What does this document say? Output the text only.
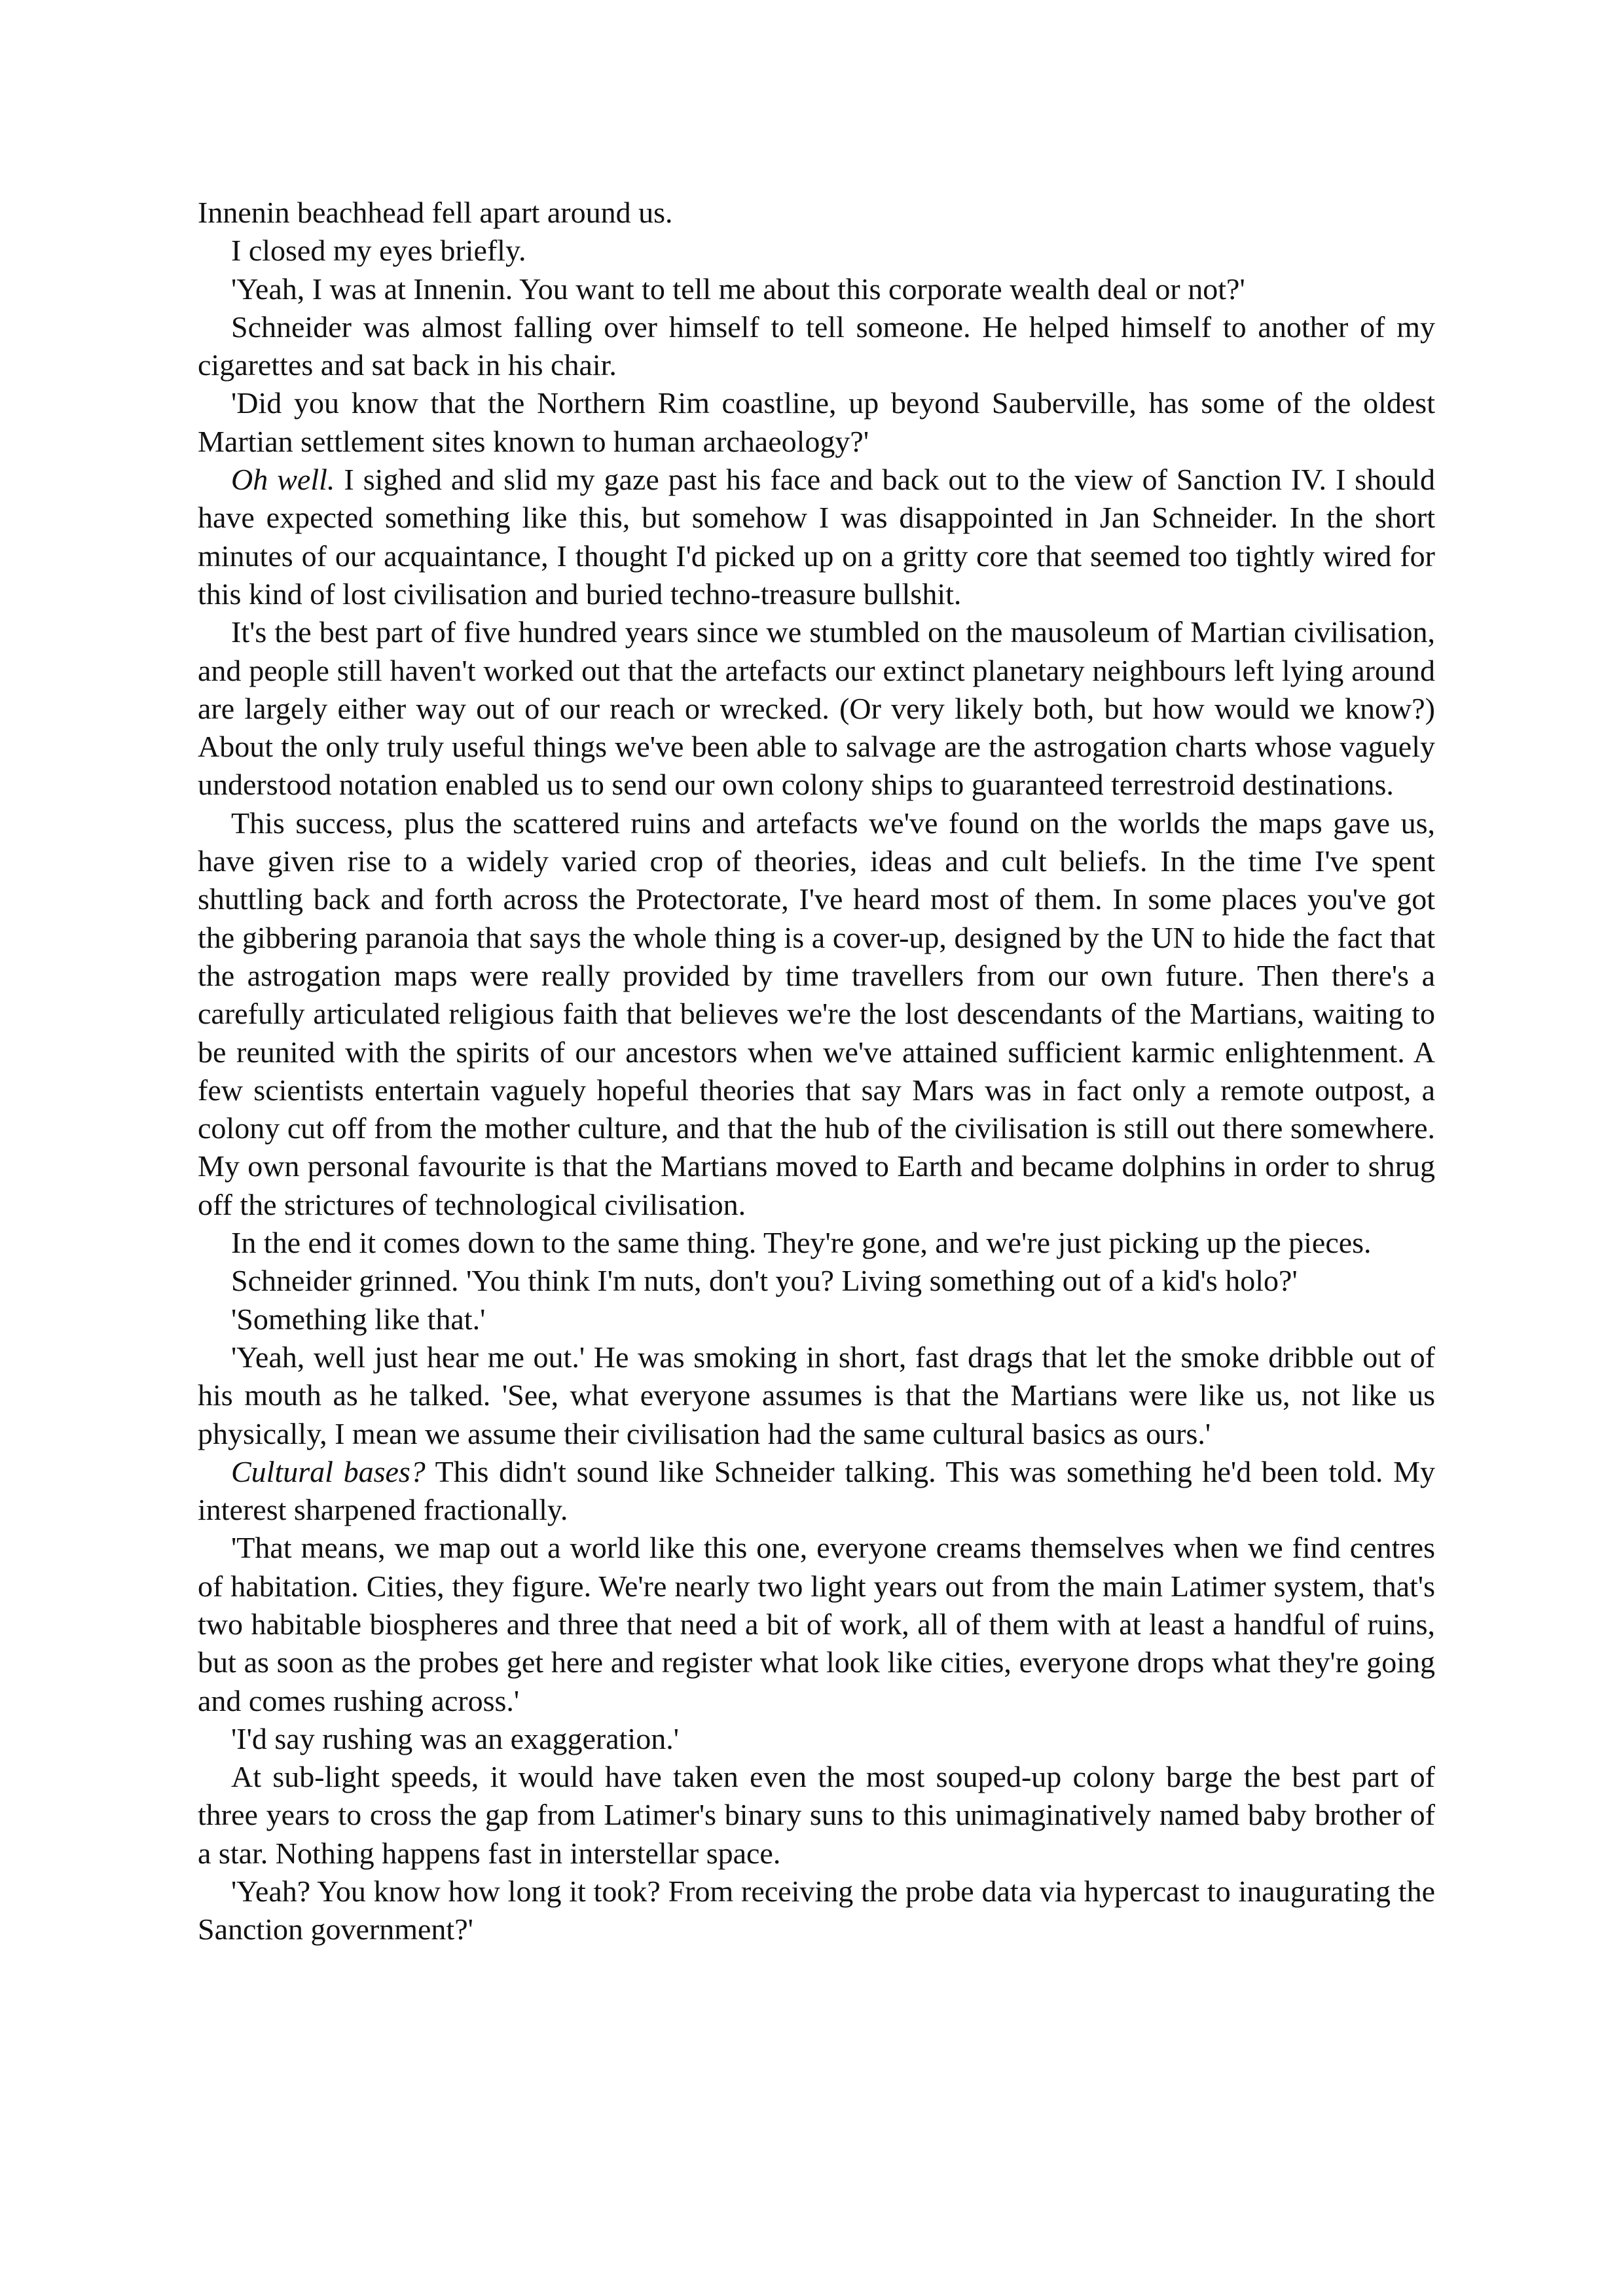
Innenin beachhead fell apart around us.

I closed my eyes briefly.

'Yeah, I was at Innenin. You want to tell me about this corporate wealth deal or not?'

Schneider was almost falling over himself to tell someone. He helped himself to another of my cigarettes and sat back in his chair.

'Did you know that the Northern Rim coastline, up beyond Sauberville, has some of the oldest Martian settlement sites known to human archaeology?'

Oh well. I sighed and slid my gaze past his face and back out to the view of Sanction IV. I should have expected something like this, but somehow I was disappointed in Jan Schneider. In the short minutes of our acquaintance, I thought I'd picked up on a gritty core that seemed too tightly wired for this kind of lost civilisation and buried techno-treasure bullshit.

It's the best part of five hundred years since we stumbled on the mausoleum of Martian civilisation, and people still haven't worked out that the artefacts our extinct planetary neighbours left lying around are largely either way out of our reach or wrecked. (Or very likely both, but how would we know?) About the only truly useful things we've been able to salvage are the astrogation charts whose vaguely understood notation enabled us to send our own colony ships to guaranteed terrestroid destinations.

This success, plus the scattered ruins and artefacts we've found on the worlds the maps gave us, have given rise to a widely varied crop of theories, ideas and cult beliefs. In the time I've spent shuttling back and forth across the Protectorate, I've heard most of them. In some places you've got the gibbering paranoia that says the whole thing is a cover-up, designed by the UN to hide the fact that the astrogation maps were really provided by time travellers from our own future. Then there's a carefully articulated religious faith that believes we're the lost descendants of the Martians, waiting to be reunited with the spirits of our ancestors when we've attained sufficient karmic enlightenment. A few scientists entertain vaguely hopeful theories that say Mars was in fact only a remote outpost, a colony cut off from the mother culture, and that the hub of the civilisation is still out there somewhere. My own personal favourite is that the Martians moved to Earth and became dolphins in order to shrug off the strictures of technological civilisation.

In the end it comes down to the same thing. They're gone, and we're just picking up the pieces.

Schneider grinned. 'You think I'm nuts, don't you? Living something out of a kid's holo?'

'Something like that.'

'Yeah, well just hear me out.' He was smoking in short, fast drags that let the smoke dribble out of his mouth as he talked. 'See, what everyone assumes is that the Martians were like us, not like us physically, I mean we assume their civilisation had the same cultural basics as ours.'

Cultural bases? This didn't sound like Schneider talking. This was something he'd been told. My interest sharpened fractionally.

'That means, we map out a world like this one, everyone creams themselves when we find centres of habitation. Cities, they figure. We're nearly two light years out from the main Latimer system, that's two habitable biospheres and three that need a bit of work, all of them with at least a handful of ruins, but as soon as the probes get here and register what look like cities, everyone drops what they're going and comes rushing across.'

'I'd say rushing was an exaggeration.'

At sub-light speeds, it would have taken even the most souped-up colony barge the best part of three years to cross the gap from Latimer's binary suns to this unimaginatively named baby brother of a star. Nothing happens fast in interstellar space.

'Yeah? You know how long it took? From receiving the probe data via hypercast to inaugurating the Sanction government?'
